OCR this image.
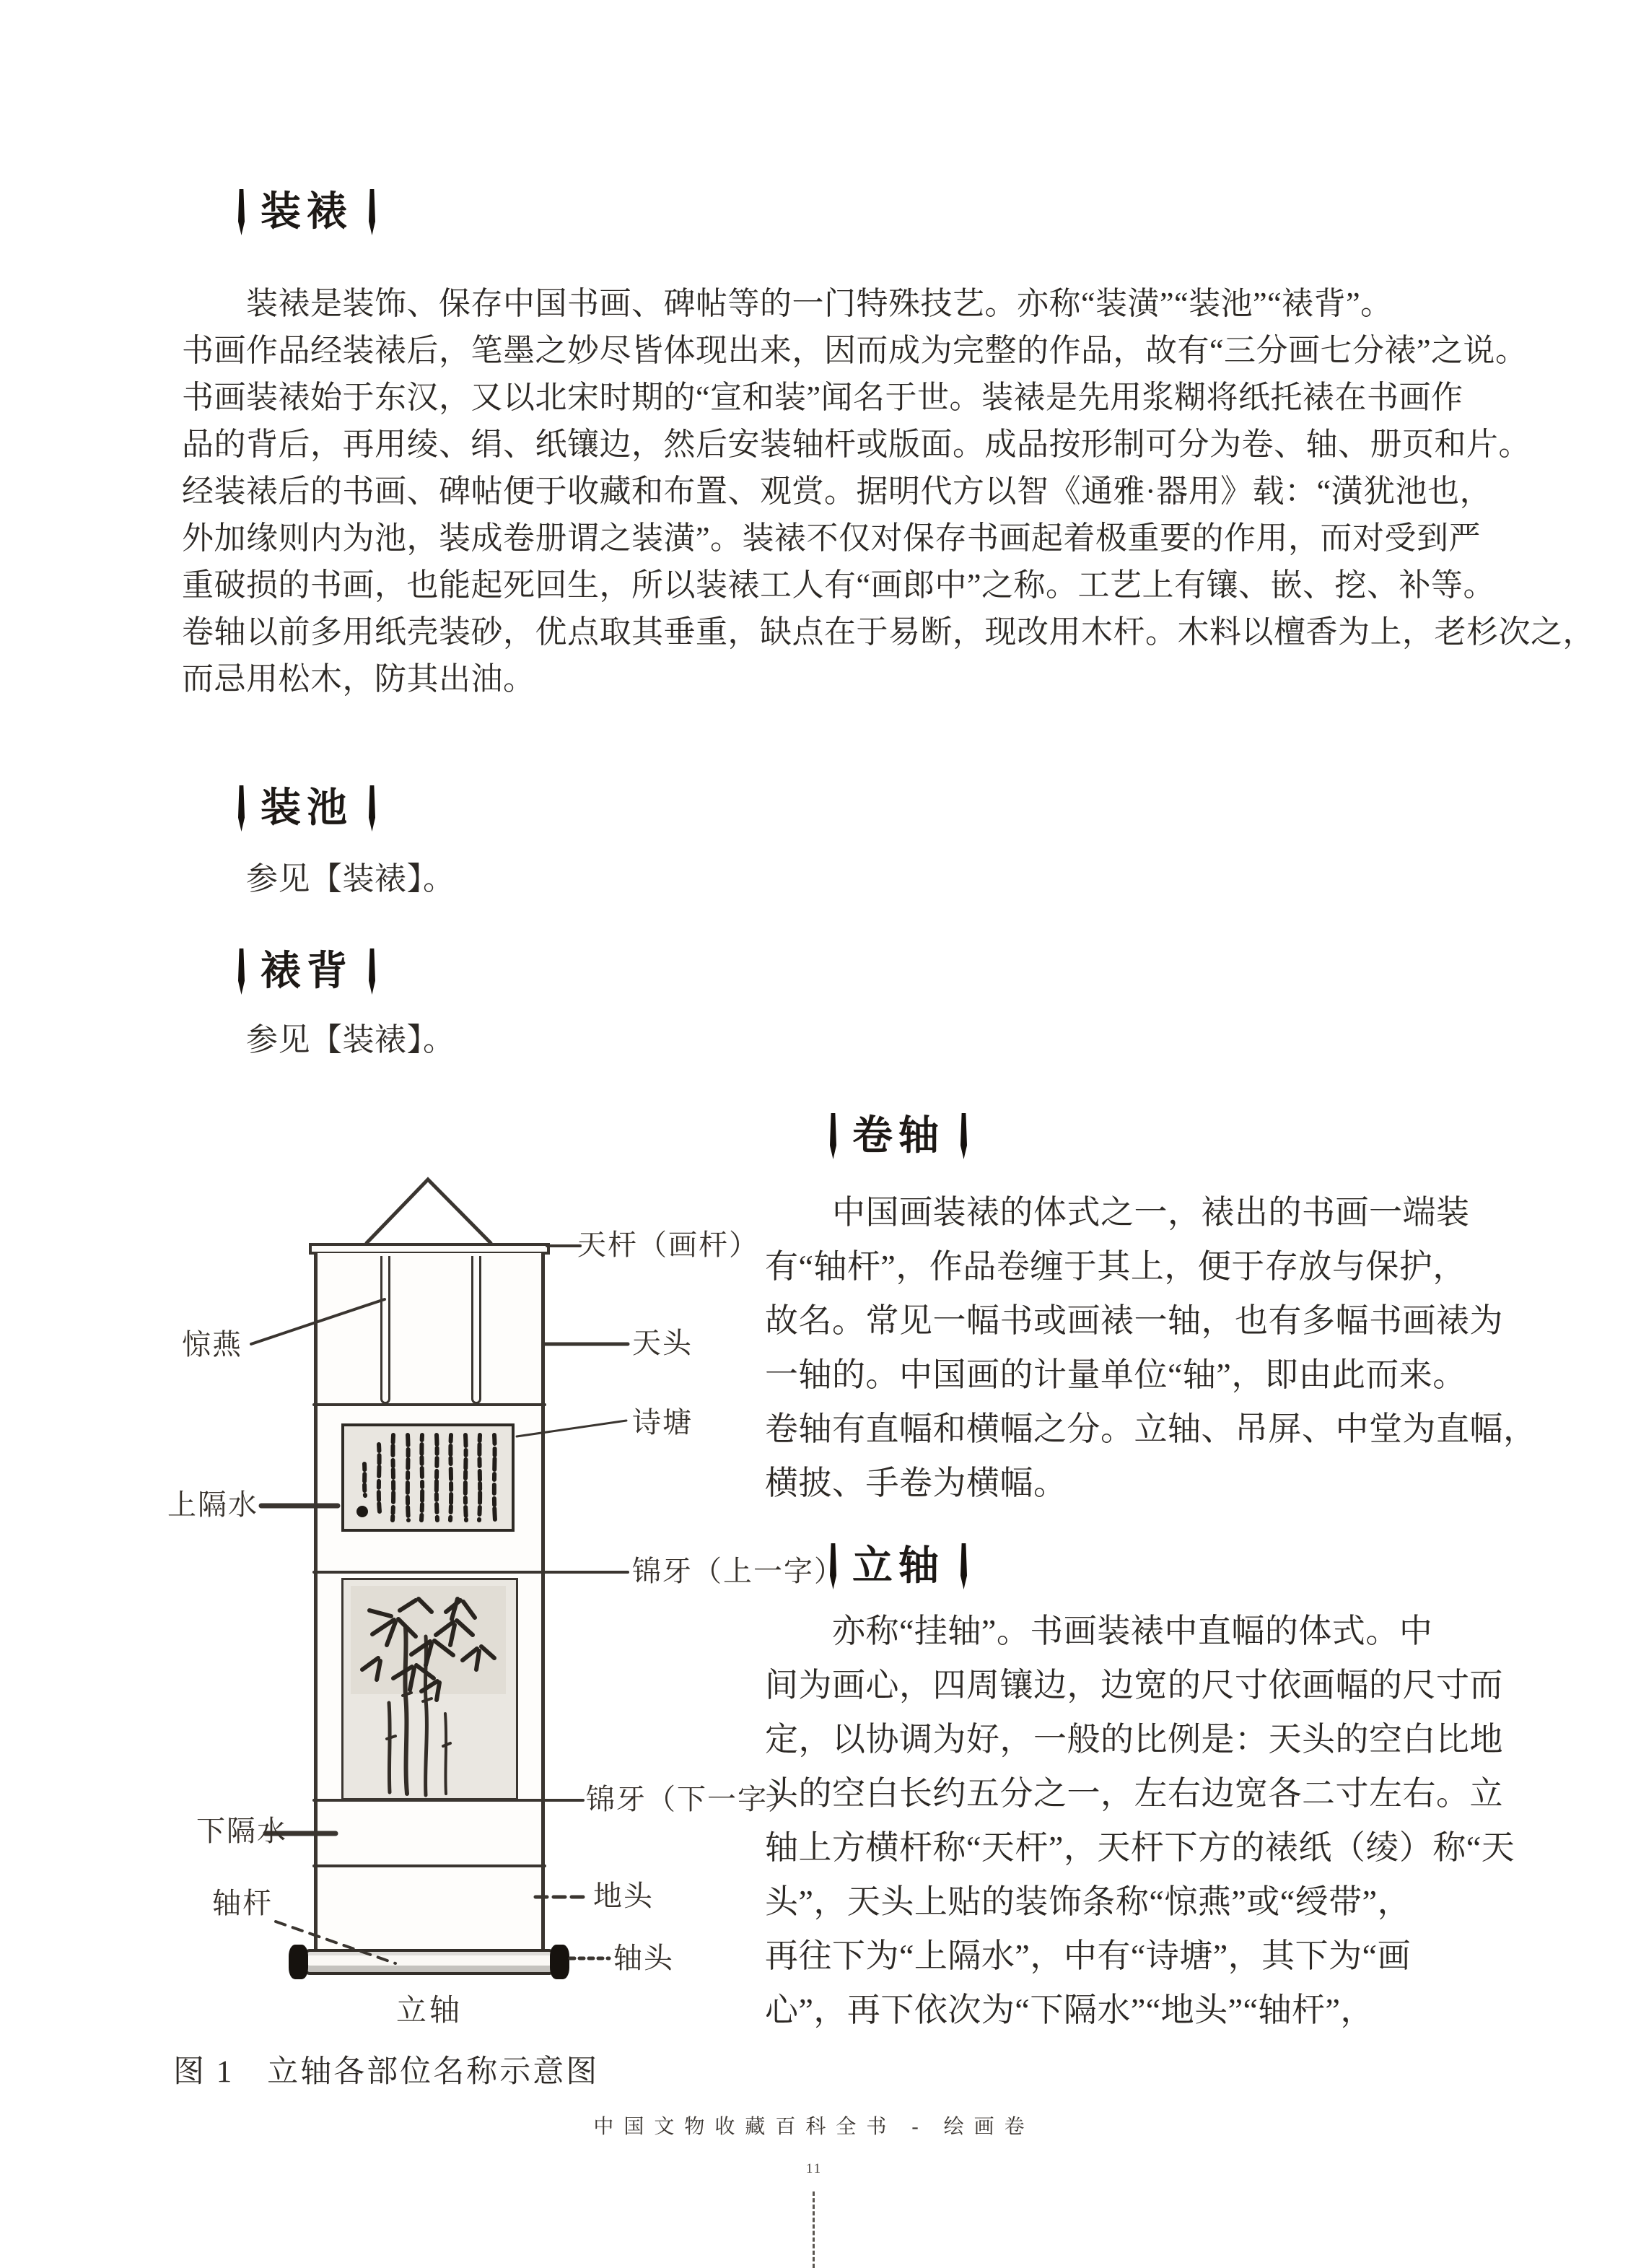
装裱
　　装裱是装饰、保存中国书画、碑帖等的一门特殊技艺。亦称“装潢”“装池”“裱背”。
书画作品经装裱后，笔墨之妙尽皆体现出来，因而成为完整的作品，故有“三分画七分裱”之说。
书画装裱始于东汉，又以北宋时期的“宣和装”闻名于世。装裱是先用浆糊将纸托裱在书画作
品的背后，再用绫、绢、纸镶边，然后安装轴杆或版面。成品按形制可分为卷、轴、册页和片。
经装裱后的书画、碑帖便于收藏和布置、观赏。据明代方以智《通雅·器用》载：“潢犹池也，
外加缘则内为池，装成卷册谓之装潢”。装裱不仅对保存书画起着极重要的作用，而对受到严
重破损的书画，也能起死回生，所以装裱工人有“画郎中”之称。工艺上有镶、嵌、挖、补等。
卷轴以前多用纸壳装砂，优点取其垂重，缺点在于易断，现改用木杆。木料以檀香为上，老杉次之，
而忌用松木，防其出油。
装池
　　参见【装裱】。
裱背
　　参见【装裱】。
卷轴
　　中国画装裱的体式之一，裱出的书画一端装
有“轴杆”，作品卷缠于其上，便于存放与保护，
故名。常见一幅书或画裱一轴，也有多幅书画裱为
一轴的。中国画的计量单位“轴”，即由此而来。
卷轴有直幅和横幅之分。立轴、吊屏、中堂为直幅，
横披、手卷为横幅。
立轴
　　亦称“挂轴”。书画装裱中直幅的体式。中
间为画心，四周镶边，边宽的尺寸依画幅的尺寸而
定，以协调为好，一般的比例是：天头的空白比地
头的空白长约五分之一，左右边宽各二寸左右。立
轴上方横杆称“天杆”，天杆下方的裱纸（绫）称“天
头”，天头上贴的装饰条称“惊燕”或“绶带”，
再往下为“上隔水”，中有“诗塘”，其下为“画
心”，再下依次为“下隔水”“地头”“轴杆”，
天杆（画杆）
天头
惊燕
诗塘
上隔水
锦牙（上一字）
锦牙（下一字）
下隔水
轴杆	地头
轴头
立轴
图 1　立轴各部位名称示意图
中国文物收藏百科全书 - 绘画卷
11
